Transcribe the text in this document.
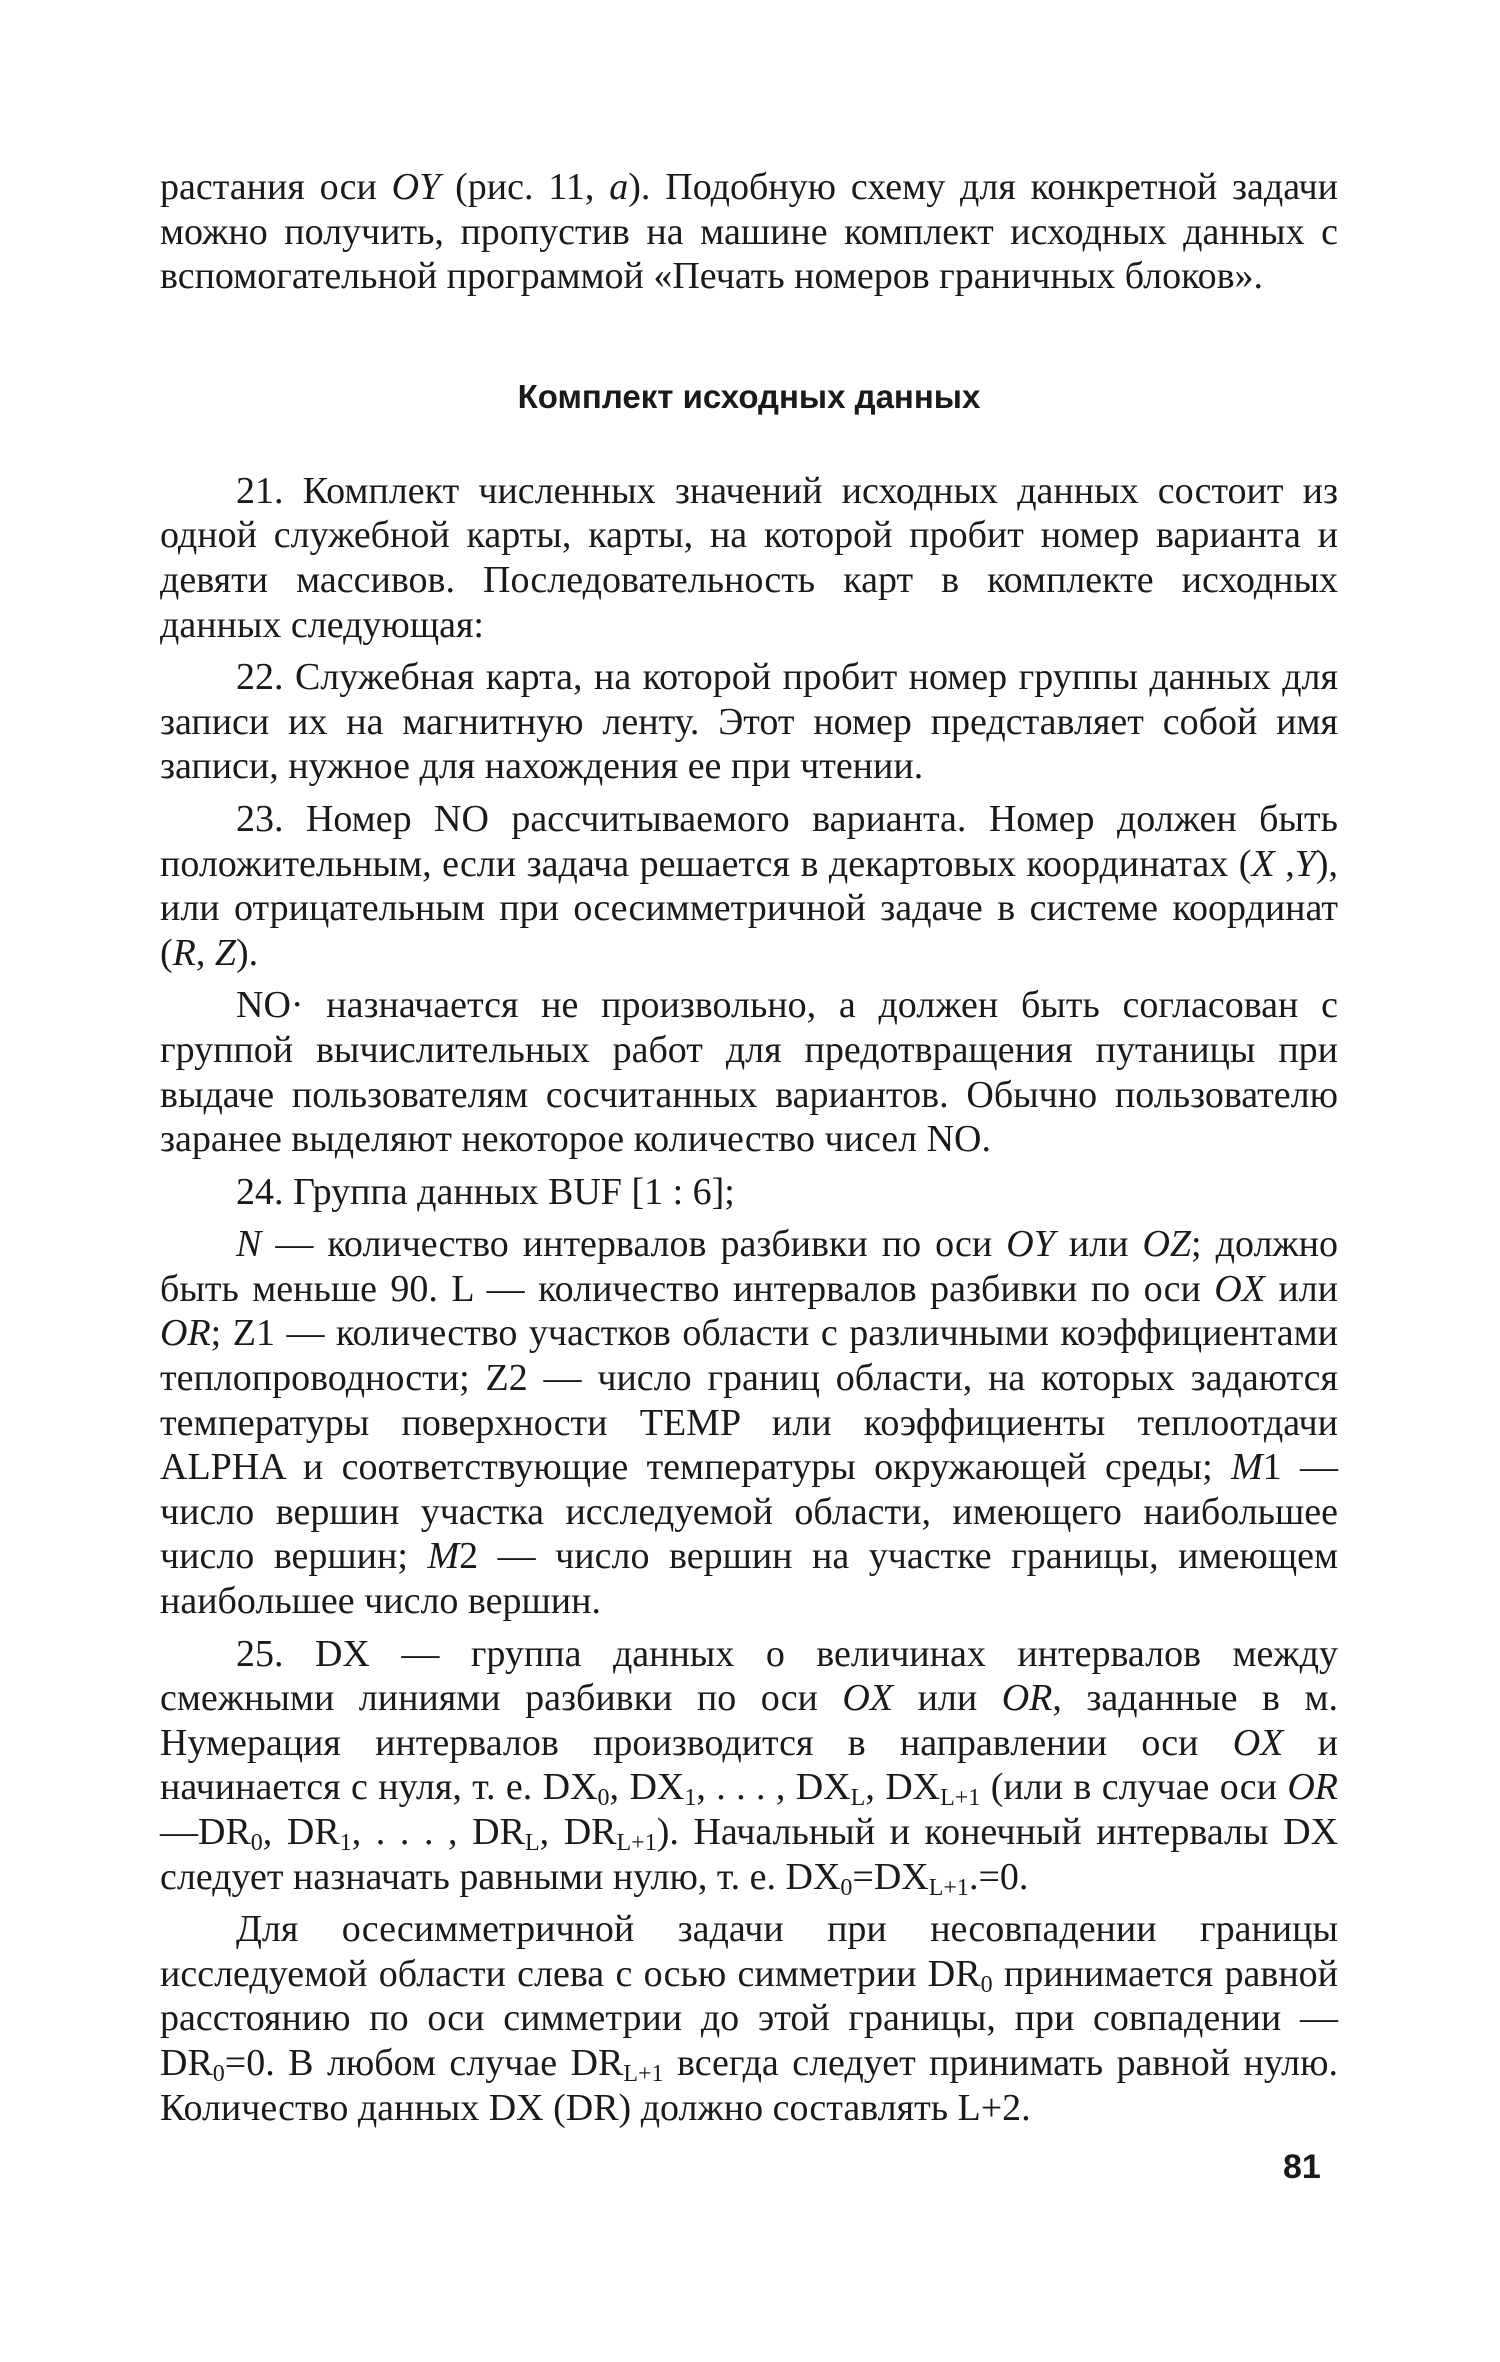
растания оси OY (рис. 11, a). Подобную схему для конкретной задачи можно получить, пропустив на машине комплект исходных данных с вспомогательной программой «Печать номеров граничных блоков».

Комплект исходных данных

21. Комплект численных значений исходных данных состоит из одной служебной карты, карты, на которой пробит номер варианта и девяти массивов. Последовательность карт в комплекте исходных данных следующая:

22. Служебная карта, на которой пробит номер группы данных для записи их на магнитную ленту. Этот номер представляет собой имя записи, нужное для нахождения ее при чтении.

23. Номер NO рассчитываемого варианта. Номер должен быть положительным, если задача решается в декартовых координатах (X ,Y), или отрицательным при осесимметричной задаче в системе координат (R, Z).

NO· назначается не произвольно, а должен быть согласован с группой вычислительных работ для предотвращения путаницы при выдаче пользователям сосчитанных вариантов. Обычно пользователю заранее выделяют некоторое количество чисел NO.

24. Группа данных BUF [1 : 6];

N — количество интервалов разбивки по оси OY или OZ; должно быть меньше 90. L — количество интервалов разбивки по оси OX или OR; Z1 — количество участков области с различными коэффициентами теплопроводности; Z2 — число границ области, на которых задаются температуры поверхности TEMP или коэффициенты теплоотдачи ALPHA и соответствующие температуры окружающей среды; M1 — число вершин участка исследуемой области, имеющего наибольшее число вершин; M2 — число вершин на участке границы, имеющем наибольшее число вершин.

25. DX — группа данных о величинах интервалов между смежными линиями разбивки по оси OX или OR, заданные в м. Нумерация интервалов производится в направлении оси OX и начинается с нуля, т. е. $DX_0$, $DX_1$, . . . , $DX_L$, $DX_{L+1}$ (или в случае оси $OR—DR_0$, $DR_1$, . . . , $DR_L$, $DR_{L+1}$). Начальный и конечный интервалы DX следует назначать равными нулю, т. е. $DX_0=DX_{L+1}.=0$.

Для осесимметричной задачи при несовпадении границы исследуемой области слева с осью симметрии $DR_0$ принимается равной расстоянию по оси симметрии до этой границы, при совпадении — $DR_0=0$. В любом случае $DR_{L+1}$ всегда следует принимать равной нулю. Количество данных DX (DR) должно составлять L+2.

81
